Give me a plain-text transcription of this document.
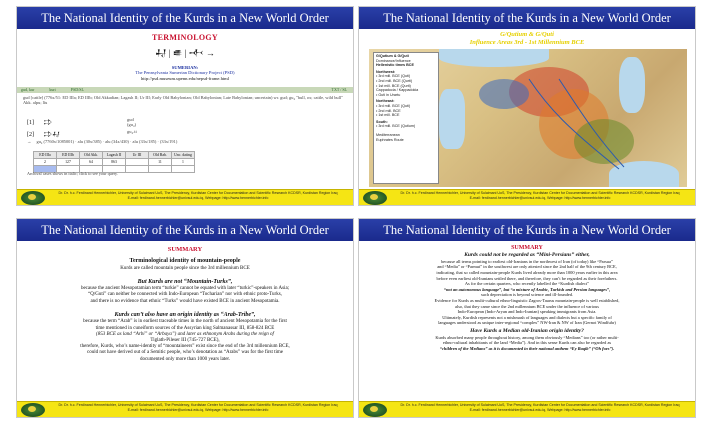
The National Identity of the Kurds in a New World Order
TERMINOLOGY
𒄷 | 𒌑 | 𒋾 →
SUMERIAN:
The Pennsylvania Sumerian Dictionary Project (PSD)
http://psd.museum.upenn.edu/nepsd-frame.html
gud, kur	kurt	PSD/SL	TXT / SL
gud [cattle] (776x/51: ED IIIa; ED IIIb; Old Akkadian; Lagash II; Ur III; Early Old Babylonian; Old Babylonian; Late Babylonian; uncertain) wr. gud; gu₄ "bull, ox; cattle, wild bull" Akk. alpu; līu
[1] 𒄞
gud (gu₄)
[2] 𒄞𒄷
gu₄.ti
→ gu₄ (7760x/1085001) · alu (30x/385) · alu (34x/430) · alu (33x/185) · (33x/191)
ED IIIa	ED IIIb	Old Akk.	Lagash II	Ur III	Old Bab.	Unc. dating
2	127	64	863		11	1

Archival cases shows in italic; click to see your query.
Dr. Dr. h.c. Ferdinand Hennerbichler, University of Sulaimani UoS, The Presidency, Kurdistan Center for Documentation and Scientific Research KCDSR, Kurdistan Region Iraq
E-mail: ferdinand.hennerbichler@univsul.edu.iq, Webpage: http://www.hennerbichler.info
The National Identity of the Kurds in a New World Order
G/Qutium & G/Quti
Influence Areas 3rd - 1st Millennium BCE
G/Qutium & G/Quti
Dominance/Influence
Hellenistic times BCE
Northwest:
• 3rd mill. BCE (Quti)
• 2nd mill. BCE (Qurti)
• 1st mill. BCE (Qurti)
Cappadocia / Kappadokia
• Guti in Urartu
Northeast:
• 3rd mill. BCE (Quti)
• 2nd mill. BCE
• 1st mill. BCE
South:
• 3rd mill. BCE (Qutium)
Mediterranean
Euphrates Route
Dr. Dr. h.c. Ferdinand Hennerbichler, University of Sulaimani UoS, The Presidency, Kurdistan Center for Documentation and Scientific Research KCDSR, Kurdistan Region Iraq
E-mail: ferdinand.hennerbichler@univsul.edu.iq, Webpage: http://www.hennerbichler.info
The National Identity of the Kurds in a New World Order
SUMMARY
Terminological identity of mountain-people
Kurds are called mountain people since the 3rd millennium BCE
But Kurds are not “Mountain-Turks”,
because the ancient Mesopotamian term “turkie” cannot be equated with later “turkic”-speakers in Asia;
“Q/Guti” can neither be connected with Indo-European “Tocharian” nor with ethnic proto-Turks,
and there is no evidence that ethnic “Turks” would have existed BCE in ancient Mesopotamia.
Kurds can’t also have an origin identity as “Arab-Tribe”,
because the term “Arab” is in earliest traceable times in the north of ancient Mesopotamia for the first
time mentioned in cuneiform sources of the Assyrian king Salmanassar III, 858-824 BCE
(853 BCE as land “Arbi” or “Arbaya”) and later as ethnonym Arabs during the reign of
Tiglath-Pileser III (745-727 BCE),
therefore, Kurds, who’s name-identity of “mountaineers” exist since the end of the 3rd millennium BCE,
could not have derived out of a Semitic people, who’s denotation as “Arabs” was for the first time
documented only more than 1000 years later.
Dr. Dr. h.c. Ferdinand Hennerbichler, University of Sulaimani UoS, The Presidency, Kurdistan Center for Documentation and Scientific Research KCDSR, Kurdistan Region Iraq
E-mail: ferdinand.hennerbichler@univsul.edu.iq, Webpage: http://www.hennerbichler.info
The National Identity of the Kurds in a New World Order
SUMMARY
Kurds could not be regarded as “Mini-Persians” either,
because all terms pointing to earliest old-Iranians in the northwest of Iran (of today) like “Parsua”
and “Media” or “Parmut” in the southwest are only attested since the 2nd half of the 9th century BCE,
indicating, that so called mountain-people Kurds lived already more than 1000 years earlier in this area
before even earliest old-Iranians settled there, and therefore, they can’t be regarded as their forefathers.
As for the certain quarters, who recently labelled the “Kurdish dialect”
“not an autonomous language”, but “a mixture of Arabic, Turkish and Persian languages”,
such depreciation is beyond science and ill-founded.
Evidence for Kurds as multi-cultural ethno-linguistic Zagros-Taurus mountain-people is well established,
also, that they came since the 2nd millennium BCE under the influence of various
Indo-European (Indo-Aryan and Indo-Iranian) speaking immigrants from Asia.
Ultimately, Kurdish represents not a mishmash of languages and dialects but a specific family of
languages understood as unique inter-regional “complex” NW-Iran & NW of Iran (Gernot Windfuhr)
Have Kurds a Median old-Iranian origin identity?
Kurds absorbed many people throughout history, among them obviously “Medians” too (or rather multi-
ethno-cultural inhabitants of the land “Media”). And in this sense Kurds can also be regarded as
“children of the Medians” as it is documented in their national anthem “Ey Raqib” (“Oh foes”).
Dr. Dr. h.c. Ferdinand Hennerbichler, University of Sulaimani UoS, The Presidency, Kurdistan Center for Documentation and Scientific Research KCDSR, Kurdistan Region Iraq
E-mail: ferdinand.hennerbichler@univsul.edu.iq, Webpage: http://www.hennerbichler.info
